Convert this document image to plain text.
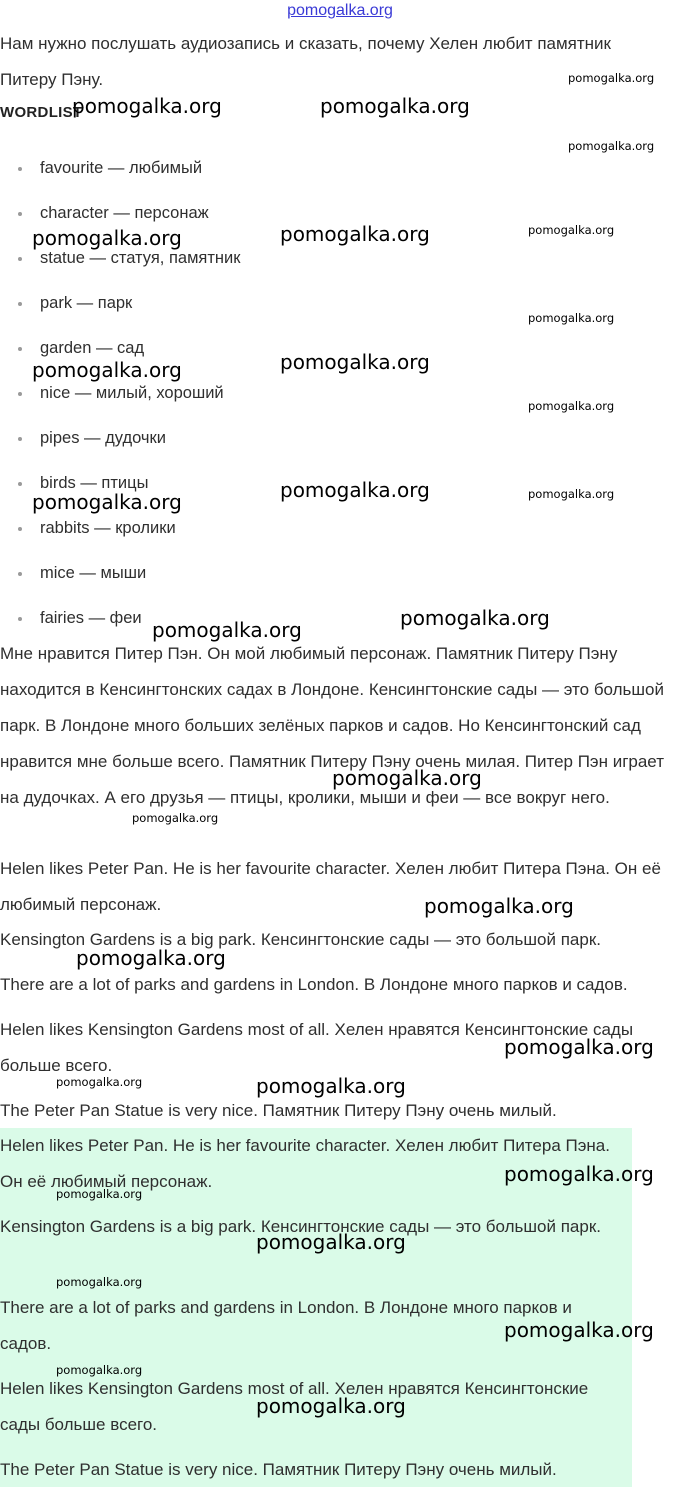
pomogalka.org

Нам нужно послушать аудиозапись и сказать, почему Хелен любит памятник Питеру Пэну.

WORDLIST
favourite — любимый
character — персонаж
statue — статуя, памятник
park — парк
garden — сад
nice — милый, хороший
pipes — дудочки
birds — птицы
rabbits — кролики
mice — мыши
fairies — феи

Мне нравится Питер Пэн. Он мой любимый персонаж. Памятник Питеру Пэну находится в Кенсингтонских садах в Лондоне. Кенсингтонские сады — это большой парк. В Лондоне много больших зелёных парков и садов. Но Кенсингтонский сад нравится мне больше всего. Памятник Питеру Пэну очень милая. Питер Пэн играет на дудочках. А его друзья — птицы, кролики, мыши и феи — все вокруг него.

Helen likes Peter Pan. He is her favourite character. Хелен любит Питера Пэна. Он её любимый персонаж.

Kensington Gardens is a big park. Кенсингтонские сады — это большой парк.

There are a lot of parks and gardens in London. В Лондоне много парков и садов.

Helen likes Kensington Gardens most of all. Хелен нравятся Кенсингтонские сады больше всего.

The Peter Pan Statue is very nice. Памятник Питеру Пэну очень милый.

Helen likes Peter Pan. He is her favourite character. Хелен любит Питера Пэна. Он её любимый персонаж.

Kensington Gardens is a big park. Кенсингтонские сады — это большой парк.

There are a lot of parks and gardens in London. В Лондоне много парков и садов.

Helen likes Kensington Gardens most of all. Хелен нравятся Кенсингтонские сады больше всего.

The Peter Pan Statue is very nice. Памятник Питеру Пэну очень милый.

pomogalka.org	pomogalka.org
pomogalka.org
pomogalka.org
pomogalka.org	pomogalka.org	pomogalka.org
pomogalka.org
pomogalka.org
pomogalka.org
pomogalka.org
pomogalka.org
pomogalka.org	pomogalka.org
pomogalka.org
pomogalka.org
pomogalka.org
pomogalka.org
pomogalka.org
pomogalka.org
pomogalka.org
pomogalka.org	pomogalka.org
pomogalka.org
pomogalka.org
pomogalka.org
pomogalka.org
pomogalka.org
pomogalka.org
pomogalka.org
